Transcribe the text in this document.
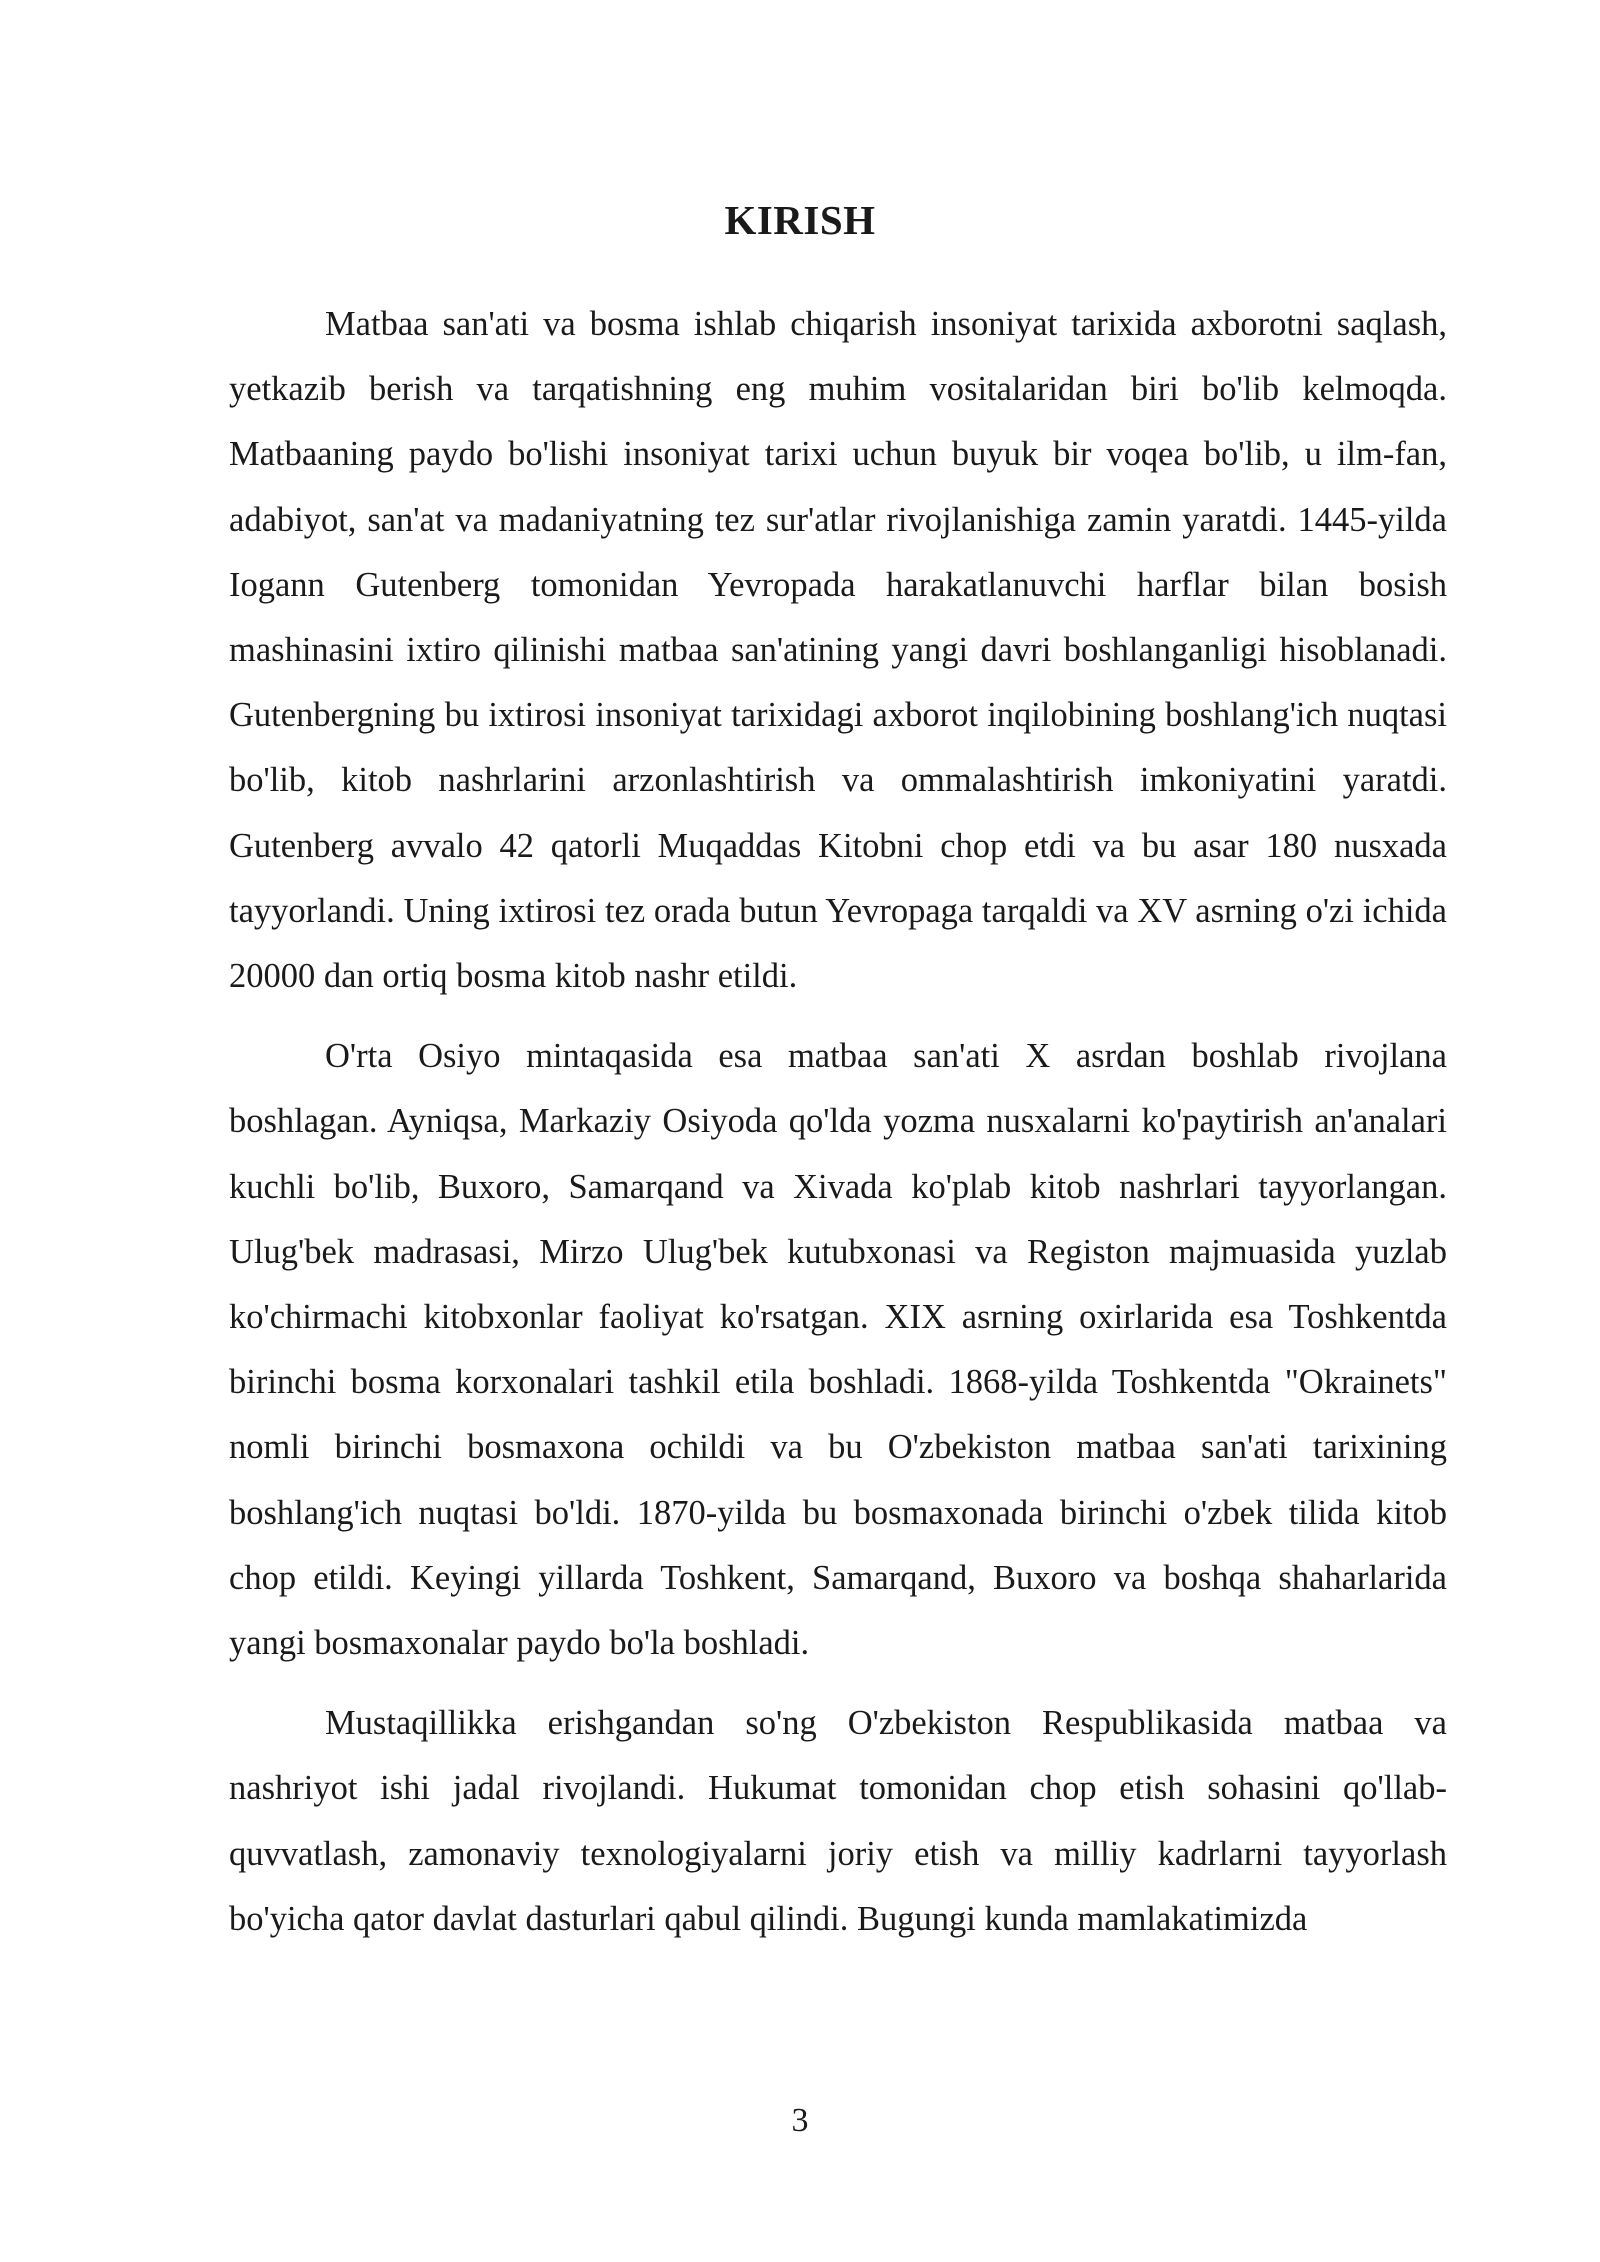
KIRISH

Matbaa san'ati va bosma ishlab chiqarish insoniyat tarixida axborotni saqlash, yetkazib berish va tarqatishning eng muhim vositalaridan biri bo'lib kelmoqda. Matbaaning paydo bo'lishi insoniyat tarixi uchun buyuk bir voqea bo'lib, u ilm-fan, adabiyot, san'at va madaniyatning tez sur'atlar rivojlanishiga zamin yaratdi. 1445-yilda Iogann Gutenberg tomonidan Yevropada harakatlanuvchi harflar bilan bosish mashinasini ixtiro qilinishi matbaa san'atining yangi davri boshlanganligi hisoblanadi. Gutenbergning bu ixtirosi insoniyat tarixidagi axborot inqilobining boshlang'ich nuqtasi bo'lib, kitob nashrlarini arzonlashtirish va ommalashtirish imkoniyatini yaratdi. Gutenberg avvalo 42 qatorli Muqaddas Kitobni chop etdi va bu asar 180 nusxada tayyorlandi. Uning ixtirosi tez orada butun Yevropaga tarqaldi va XV asrning o'zi ichida 20000 dan ortiq bosma kitob nashr etildi.

O'rta Osiyo mintaqasida esa matbaa san'ati X asrdan boshlab rivojlana boshlagan. Ayniqsa, Markaziy Osiyoda qo'lda yozma nusxalarni ko'paytirish an'analari kuchli bo'lib, Buxoro, Samarqand va Xivada ko'plab kitob nashrlari tayyorlangan. Ulug'bek madrasasi, Mirzo Ulug'bek kutubxonasi va Registon majmuasida yuzlab ko'chirmachi kitobxonlar faoliyat ko'rsatgan. XIX asrning oxirlarida esa Toshkentda birinchi bosma korxonalari tashkil etila boshladi. 1868-yilda Toshkentda "Okrainets" nomli birinchi bosmaxona ochildi va bu O'zbekiston matbaa san'ati tarixining boshlang'ich nuqtasi bo'ldi. 1870-yilda bu bosmaxonada birinchi o'zbek tilida kitob chop etildi. Keyingi yillarda Toshkent, Samarqand, Buxoro va boshqa shaharlarida yangi bosmaxonalar paydo bo'la boshladi.

Mustaqillikka erishgandan so'ng O'zbekiston Respublikasida matbaa va nashriyot ishi jadal rivojlandi. Hukumat tomonidan chop etish sohasini qo'llab-quvvatlash, zamonaviy texnologiyalarni joriy etish va milliy kadrlarni tayyorlash bo'yicha qator davlat dasturlari qabul qilindi. Bugungi kunda mamlakatimizda

3
